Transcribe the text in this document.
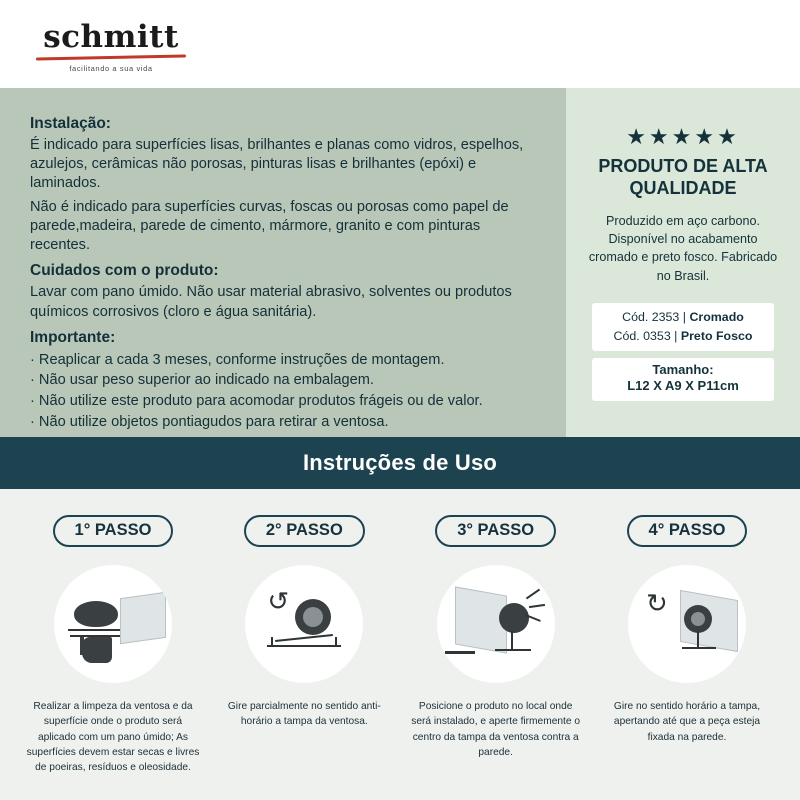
schmitt
facilitando a sua vida

Instalação:

É indicado para superfícies lisas, brilhantes e planas como vidros, espelhos, azulejos, cerâmicas não porosas, pinturas lisas e brilhantes (epóxi) e laminados.

Não é indicado para superfícies curvas, foscas ou porosas como papel de parede,madeira, parede de cimento, mármore, granito e com pinturas recentes.

Cuidados com o produto:

Lavar com pano úmido. Não usar material abrasivo, solventes ou produtos químicos corrosivos (cloro e água sanitária).

Importante:

· Reaplicar a cada 3 meses, conforme instruções de montagem.
· Não usar peso superior ao indicado na embalagem.
· Não utilize este produto para acomodar produtos frágeis ou de valor.
· Não utilize objetos pontiagudos para retirar a ventosa.
★★★★★
PRODUTO DE ALTA
QUALIDADE
Produzido em aço carbono. Disponível no acabamento cromado e preto fosco. Fabricado no Brasil.
Cód. 2353 | Cromado
Cód. 0353 | Preto Fosco
Tamanho:
L12 X A9 X P11cm
Instruções de Uso
1° PASSO
Realizar a limpeza da ventosa e da superfície onde o produto será aplicado com um pano úmido; As superfícies devem estar secas e livres de poeiras, resíduos e oleosidade.
2° PASSO
↺
Gire parcialmente no sentido anti-horário a tampa da ventosa.
3° PASSO
Posicione o produto no local onde será instalado, e aperte firmemente o centro da tampa da ventosa contra a parede.
4° PASSO
↻
Gire no sentido horário a tampa, apertando até que a peça esteja fixada na parede.
